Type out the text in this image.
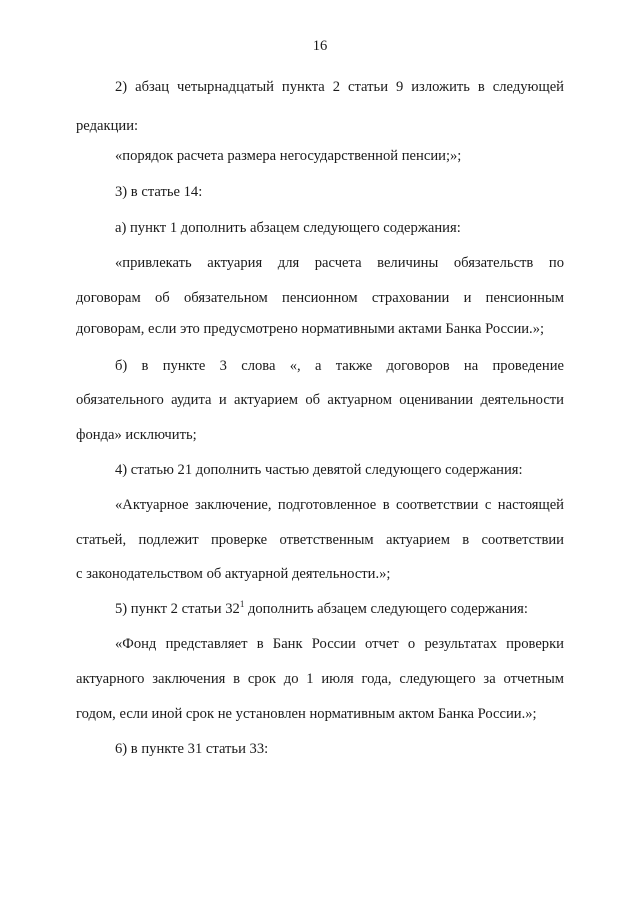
16
2) абзац четырнадцатый пункта 2 статьи 9 изложить в следующей
редакции:
«порядок расчета размера негосударственной пенсии;»;
3) в статье 14:
а) пункт 1 дополнить абзацем следующего содержания:
«привлекать актуария для расчета величины обязательств по
договорам об обязательном пенсионном страховании и пенсионным
договорам, если это предусмотрено нормативными актами Банка России.»;
б) в пункте 3 слова «, а также договоров на проведение
обязательного аудита и актуарием об актуарном оценивании деятельности
фонда» исключить;
4) статью 21 дополнить частью девятой следующего содержания:
«Актуарное заключение, подготовленное в соответствии с настоящей
статьей, подлежит проверке ответственным актуарием в соответствии
с законодательством об актуарной деятельности.»;
5) пункт 2 статьи $32^1$ дополнить абзацем следующего содержания:
«Фонд представляет в Банк России отчет о результатах проверки
актуарного заключения в срок до 1 июля года, следующего за отчетным
годом, если иной срок не установлен нормативным актом Банка России.»;
6) в пункте 31 статьи 33:
